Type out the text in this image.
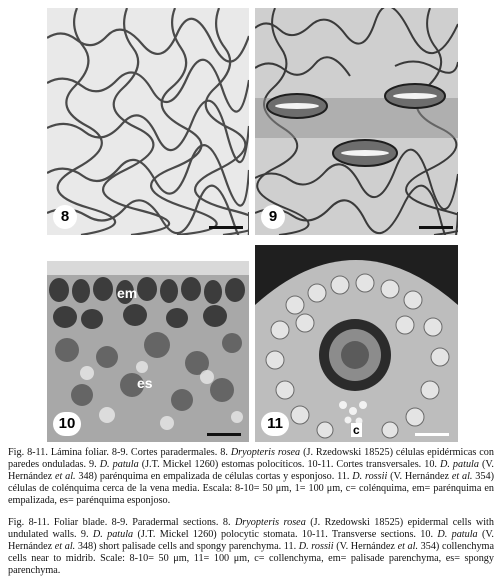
8	9
em
es
10	c
11
Fig. 8-11. Lámina foliar. 8-9. Cortes paradermales. 8. Dryopteris rosea (J. Rzedowski 18525) células epidérmicas con paredes onduladas. 9. D. patula (J.T. Mickel 1260) estomas polocíticos. 10-11. Cortes transversales. 10. D. patula (V. Hernández et al. 348) parénquima en empalizada de células cortas y esponjoso. 11. D. rossii (V. Hernández et al. 354) células de colénquima cerca de la vena media. Escala: 8-10= 50 μm, 1= 100 μm, c= colénquima, em= parénquima en empalizada, es= parénquima esponjoso.
Fig. 8-11. Foliar blade. 8-9. Paradermal sections. 8. Dryopteris rosea (J. Rzedowski 18525) epidermal cells with undulated walls. 9. D. patula (J.T. Mickel 1260) polocytic stomata. 10-11. Transverse sections. 10. D. patula (V. Hernández et al. 348) short palisade cells and spongy parenchyma. 11. D. rossii (V. Hernández et al. 354) collenchyma cells near to midrib. Scale: 8-10= 50 μm, 11= 100 μm, c= collenchyma, em= palisade parenchyma, es= spongy parenchyma.
